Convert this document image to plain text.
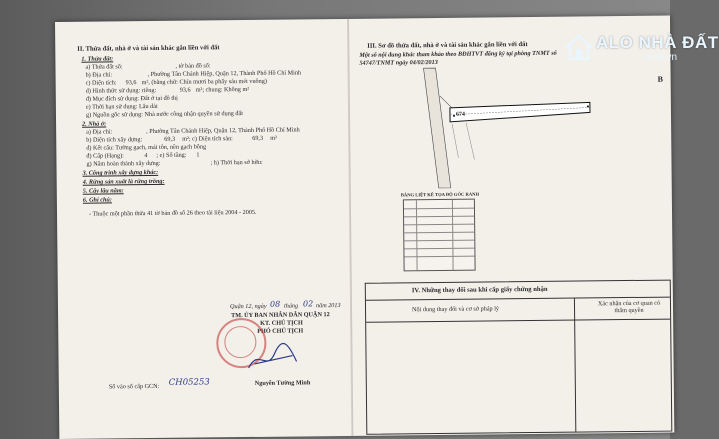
II. Thửa đất, nhà ở và tài sản khác gắn liền với đất
1. Thửa đất:
a) Thửa đất số:	, tờ bản đồ số:
b) Địa chỉ:	, Phường Tân Chánh Hiệp, Quận 12, Thành Phố Hồ Chí Minh
c) Diện tích: 93,6 m², (bằng chữ: Chín mươi ba phẩy sáu mét vuông)
d) Hình thức sử dụng: riêng:	93,6 m²; chung: Không m²
đ) Mục đích sử dụng: Đất ở tại đô thị
e) Thời hạn sử dụng: Lâu dài
g) Nguồn gốc sử dụng: Nhà nước công nhận quyền sử dụng đất
2. Nhà ở:
a) Địa chỉ:	, Phường Tân Chánh Hiệp, Quận 12, Thành Phố Hồ Chí Minh
b) Diện tích xây dựng:	69,3 m²; c) Diện tích sàn:	69,3 m²
d) Kết cấu: Tường gạch, mái tôn, nền gạch bông
đ) Cấp (Hạng):	4 ; e) Số tầng: 1
g) Năm hoàn thành xây dựng:	; h) Thời hạn sở hữu:
3. Công trình xây dựng khác:
4. Rừng sản xuất là rừng trồng:
5. Cây lâu năm:
6. Ghi chú:
- Thuộc một phần thửa 41 tờ bản đồ số 26 theo tài liệu 2004 - 2005.
Quận 12, ngày 08 tháng 02 năm 2013
TM. ỦY BAN NHÂN DÂN QUẬN 12
KT. CHỦ TỊCH
PHÓ CHỦ TỊCH
Nguyễn Tường Minh
Số vào sổ cấp GCN: CH05253
III. Sơ đồ thửa đất, nhà ở và tài sản khác gắn liền với đất
Một số nội dung khác tham khảo theo BĐHTVT đăng ký tại phòng TNMT số
54747/TNMT ngày 04/02/2013
B
674
BẢNG LIỆT KÊ TỌA ĐỘ GÓC RANH
IV. Những thay đổi sau khi cấp giấy chứng nhận
Nội dung thay đổi và cơ sở pháp lý
Xác nhận của cơ quan có thẩm quyền
ALO NHÀ ĐẤT
.com.vn
